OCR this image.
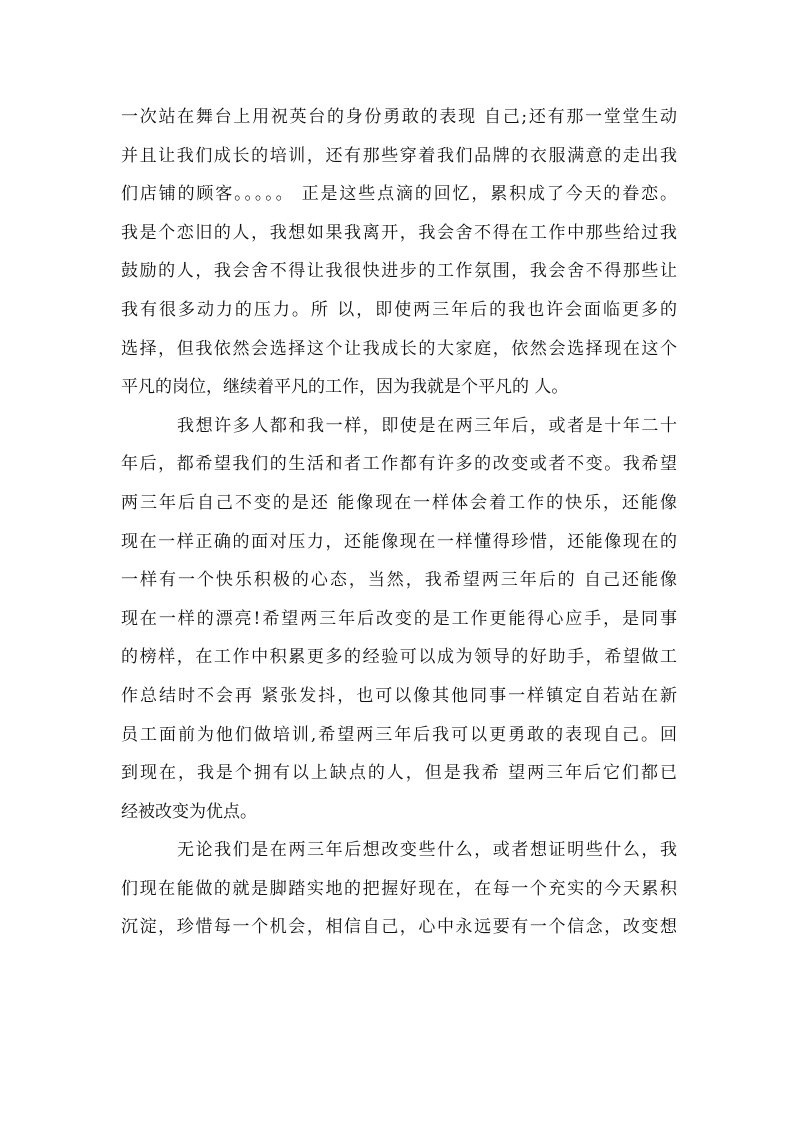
一次站在舞台上用祝英台的身份勇敢的表现 自己;还有那一堂堂生动
并且让我们成长的培训，还有那些穿着我们品牌的衣服满意的走出我
们店铺的顾客。。。。。 正是这些点滴的回忆，累积成了今天的眷恋。
我是个恋旧的人，我想如果我离开，我会舍不得在工作中那些给过我
鼓励的人，我会舍不得让我很快进步的工作氛围，我会舍不得那些让
我有很多动力的压力。所 以，即使两三年后的我也许会面临更多的
选择，但我依然会选择这个让我成长的大家庭，依然会选择现在这个
平凡的岗位，继续着平凡的工作，因为我就是个平凡的 人。
我想许多人都和我一样，即使是在两三年后，或者是十年二十
年后，都希望我们的生活和者工作都有许多的改变或者不变。我希望
两三年后自己不变的是还 能像现在一样体会着工作的快乐，还能像
现在一样正确的面对压力，还能像现在一样懂得珍惜，还能像现在的
一样有一个快乐积极的心态，当然，我希望两三年后的 自己还能像
现在一样的漂亮!希望两三年后改变的是工作更能得心应手，是同事
的榜样，在工作中积累更多的经验可以成为领导的好助手，希望做工
作总结时不会再 紧张发抖，也可以像其他同事一样镇定自若站在新
员工面前为他们做培训,希望两三年后我可以更勇敢的表现自己。回
到现在，我是个拥有以上缺点的人，但是我希 望两三年后它们都已
经被改变为优点。
无论我们是在两三年后想改变些什么，或者想证明些什么，我
们现在能做的就是脚踏实地的把握好现在，在每一个充实的今天累积
沉淀，珍惜每一个机会，相信自己，心中永远要有一个信念，改变想
